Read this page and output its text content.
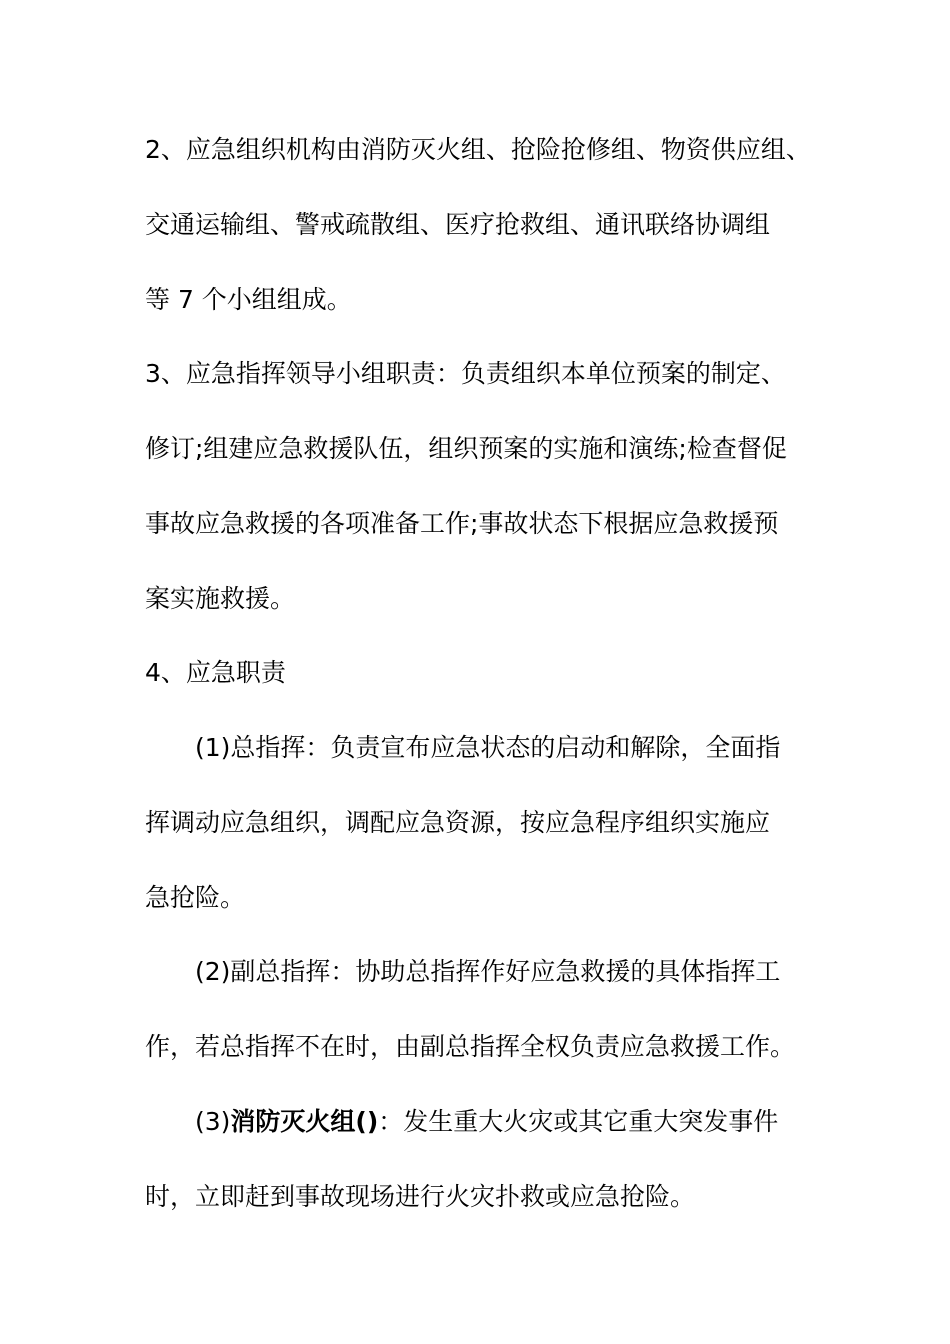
2、应急组织机构由消防灭火组、抢险抢修组、物资供应组、
交通运输组、警戒疏散组、医疗抢救组、通讯联络协调组
等 7 个小组组成。
3、应急指挥领导小组职责：负责组织本单位预案的制定、
修订;组建应急救援队伍，组织预案的实施和演练;检查督促
事故应急救援的各项准备工作;事故状态下根据应急救援预
案实施救援。
4、应急职责
(1)总指挥：负责宣布应急状态的启动和解除，全面指
挥调动应急组织，调配应急资源，按应急程序组织实施应
急抢险。
(2)副总指挥：协助总指挥作好应急救援的具体指挥工
作，若总指挥不在时，由副总指挥全权负责应急救援工作。
(3)消防灭火组()：发生重大火灾或其它重大突发事件
时，立即赶到事故现场进行火灾扑救或应急抢险。
